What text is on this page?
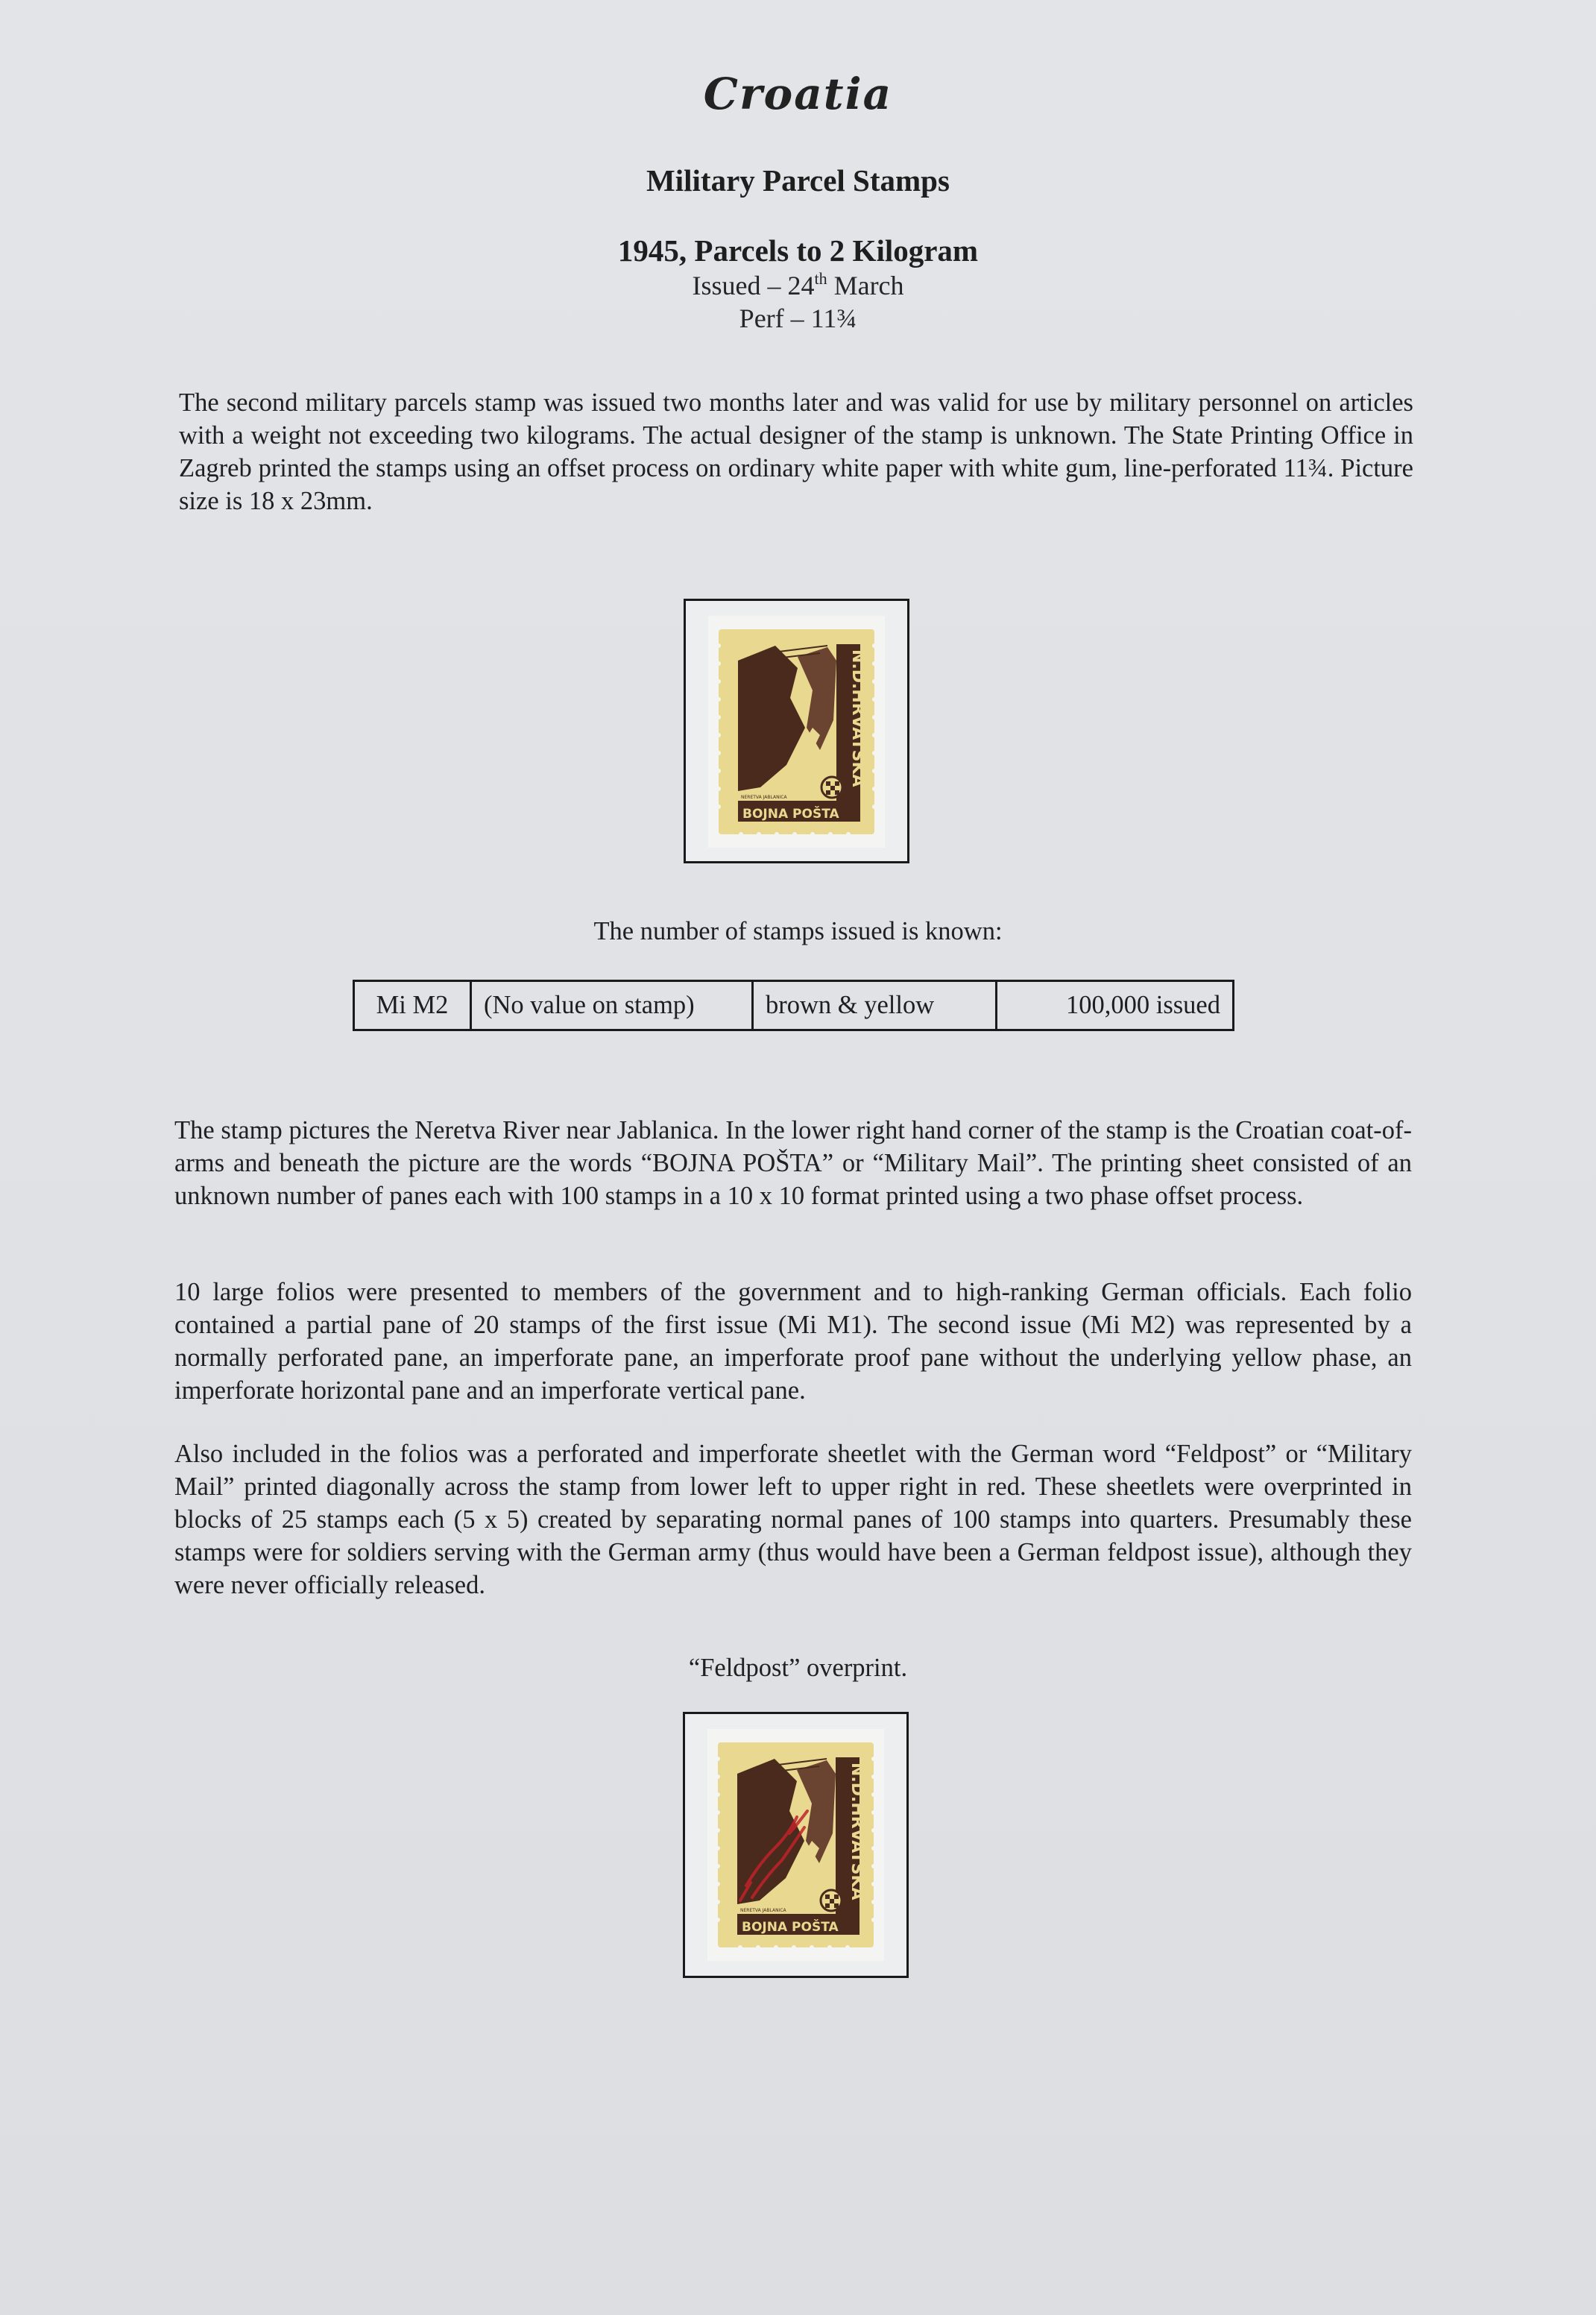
Croatia
Military Parcel Stamps
1945, Parcels to 2 Kilogram
Issued – 24th March
Perf – 11¾

The second military parcels stamp was issued two months later and was valid for use by military personnel on articles with a weight not exceeding two kilograms. The actual designer of the stamp is unknown. The State Printing Office in Zagreb printed the stamps using an offset process on ordinary white paper with white gum, line-perforated 11¾. Picture size is 18 x 23mm.

N.D.HRVATSKA
BOJNA POŠTA
NERETVA JABLANICA
The number of stamps issued is known:
Mi M2	(No value on stamp)	brown & yellow	100,000 issued

The stamp pictures the Neretva River near Jablanica. In the lower right hand corner of the stamp is the Croatian coat-of-arms and beneath the picture are the words “BOJNA POŠTA” or “Military Mail”. The printing sheet consisted of an unknown number of panes each with 100 stamps in a 10 x 10 format printed using a two phase offset process.

10 large folios were presented to members of the government and to high-ranking German officials. Each folio contained a partial pane of 20 stamps of the first issue (Mi M1). The second issue (Mi M2) was represented by a normally perforated pane, an imperforate pane, an imperforate proof pane without the underlying yellow phase, an imperforate horizontal pane and an imperforate vertical pane.

Also included in the folios was a perforated and imperforate sheetlet with the German word “Feldpost” or “Military Mail” printed diagonally across the stamp from lower left to upper right in red. These sheetlets were overprinted in blocks of 25 stamps each (5 x 5) created by separating normal panes of 100 stamps into quarters. Presumably these stamps were for soldiers serving with the German army (thus would have been a German feldpost issue), although they were never officially released.

“Feldpost” overprint.
N.D.HRVATSKA
BOJNA POŠTA
NERETVA JABLANICA
